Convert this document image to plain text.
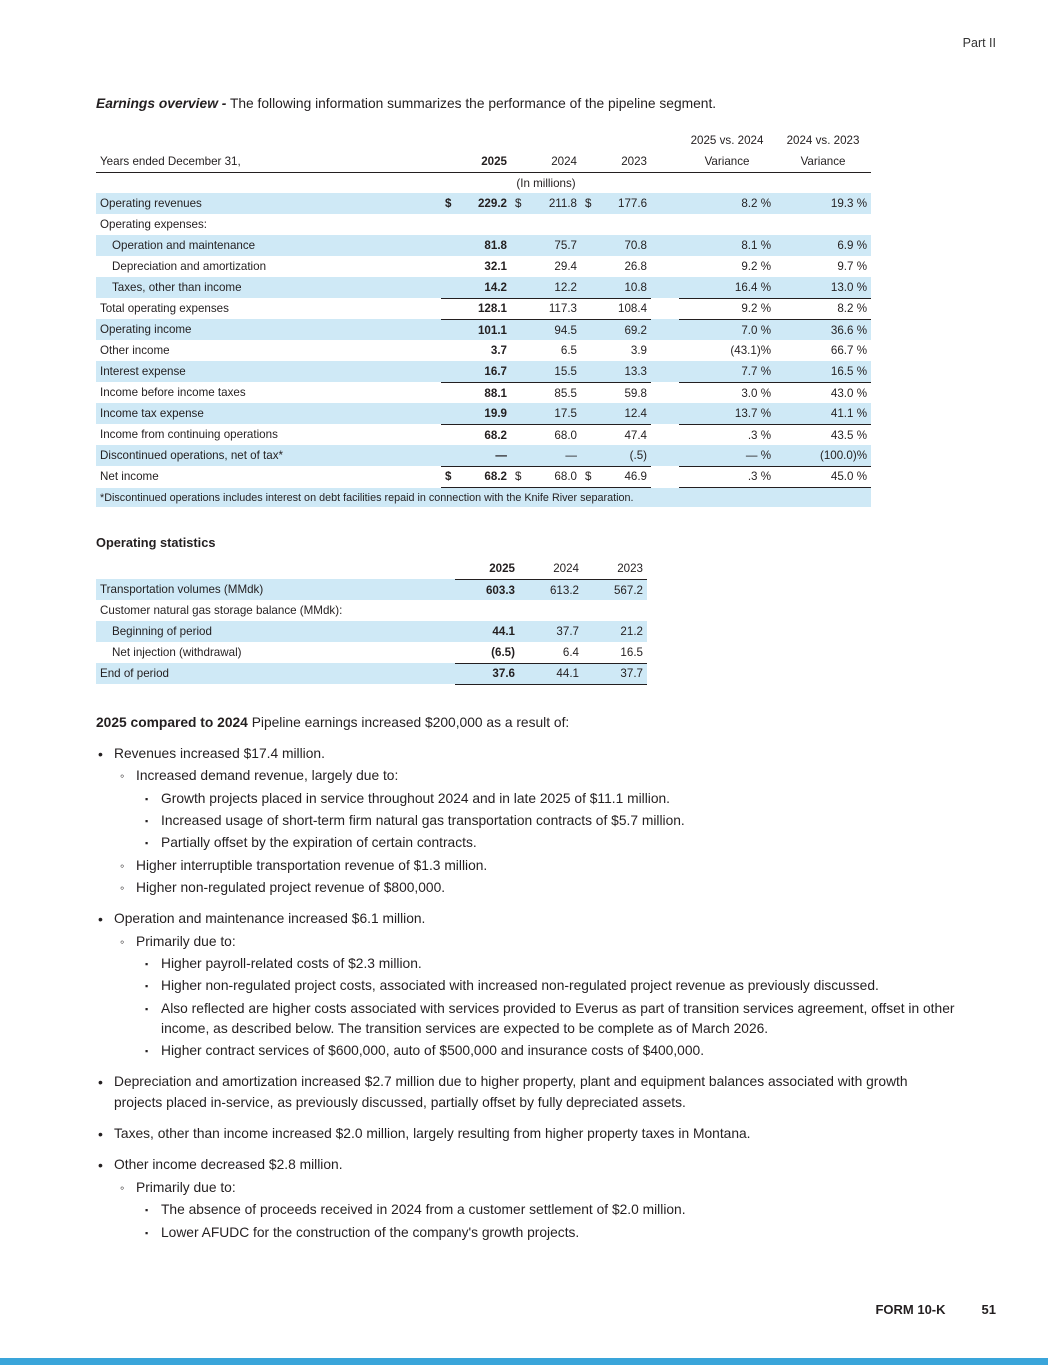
Part II

Earnings overview - The following information summarizes the performance of the pipeline segment.

								2025 vs. 2024	2024 vs. 2023
Years ended December 31,	2025		2024		2023			Variance	Variance
	(In millions)								
Operating revenues	$	229.2	$	211.8	$	177.6		8.2 %	19.3 %
Operating expenses:									
Operation and maintenance		81.8		75.7		70.8		8.1 %	6.9 %
Depreciation and amortization		32.1		29.4		26.8		9.2 %	9.7 %
Taxes, other than income		14.2		12.2		10.8		16.4 %	13.0 %
Total operating expenses		128.1		117.3		108.4		9.2 %	8.2 %
Operating income		101.1		94.5		69.2		7.0 %	36.6 %
Other income		3.7		6.5		3.9		(43.1)%	66.7 %
Interest expense		16.7		15.5		13.3		7.7 %	16.5 %
Income before income taxes		88.1		85.5		59.8		3.0 %	43.0 %
Income tax expense		19.9		17.5		12.4		13.7 %	41.1 %
Income from continuing operations		68.2		68.0		47.4		.3 %	43.5 %
Discontinued operations, net of tax*		—		—		(.5)		— %	(100.0)%
Net income	$	68.2	$	68.0	$	46.9		.3 %	45.0 %
*Discontinued operations includes interest on debt facilities repaid in connection with the Knife River separation.									
Operating statistics
	2025	2024	2023
Transportation volumes (MMdk)	603.3	613.2	567.2
Customer natural gas storage balance (MMdk):			
Beginning of period	44.1	37.7	21.2
Net injection (withdrawal)	(6.5)	6.4	16.5
End of period	37.6	44.1	37.7

2025 compared to 2024 Pipeline earnings increased $200,000 as a result of:

• Revenues increased $17.4 million.
◦ Increased demand revenue, largely due to:
▪ Growth projects placed in service throughout 2024 and in late 2025 of $11.1 million.
▪ Increased usage of short-term firm natural gas transportation contracts of $5.7 million.
▪ Partially offset by the expiration of certain contracts.
◦ Higher interruptible transportation revenue of $1.3 million.
◦ Higher non-regulated project revenue of $800,000.
• Operation and maintenance increased $6.1 million.
◦ Primarily due to:
▪ Higher payroll-related costs of $2.3 million.
▪ Higher non-regulated project costs, associated with increased non-regulated project revenue as previously discussed.
▪ Also reflected are higher costs associated with services provided to Everus as part of transition services agreement, offset in other income, as described below. The transition services are expected to be complete as of March 2026.
▪ Higher contract services of $600,000, auto of $500,000 and insurance costs of $400,000.
• Depreciation and amortization increased $2.7 million due to higher property, plant and equipment balances associated with growth projects placed in-service, as previously discussed, partially offset by fully depreciated assets.
• Taxes, other than income increased $2.0 million, largely resulting from higher property taxes in Montana.
• Other income decreased $2.8 million.
◦ Primarily due to:
▪ The absence of proceeds received in 2024 from a customer settlement of $2.0 million.
▪ Lower AFUDC for the construction of the company's growth projects.
FORM 10-K	51
